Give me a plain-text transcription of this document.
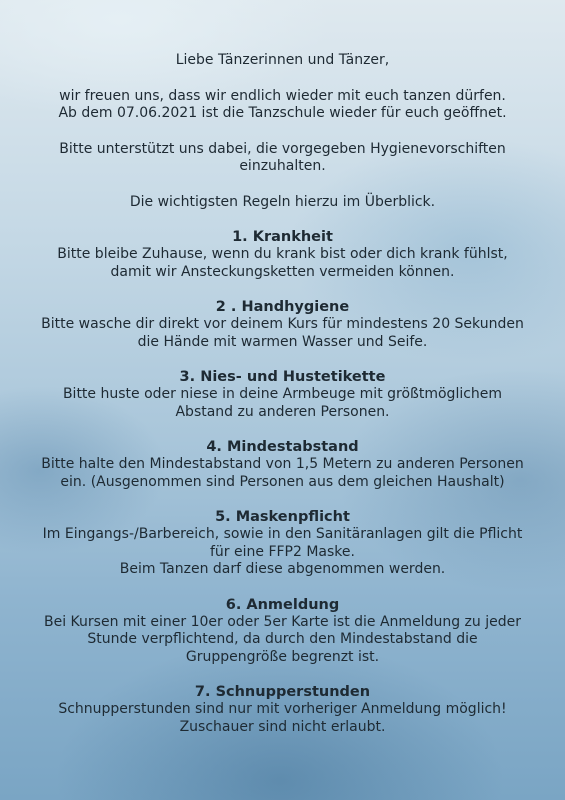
Liebe Tänzerinnen und Tänzer,
wir freuen uns, dass wir endlich wieder mit euch tanzen dürfen.
Ab dem 07.06.2021 ist die Tanzschule wieder für euch geöffnet.
Bitte unterstützt uns dabei, die vorgegeben Hygienevorschiften
einzuhalten.
Die wichtigsten Regeln hierzu im Überblick.
1. Krankheit
Bitte bleibe Zuhause, wenn du krank bist oder dich krank fühlst,
damit wir Ansteckungsketten vermeiden können.
2 . Handhygiene
Bitte wasche dir direkt vor deinem Kurs für mindestens 20 Sekunden
die Hände mit warmen Wasser und Seife.
3. Nies- und Hustetikette
Bitte huste oder niese in deine Armbeuge mit größtmöglichem
Abstand zu anderen Personen.
4. Mindestabstand
Bitte halte den Mindestabstand von 1,5 Metern zu anderen Personen
ein. (Ausgenommen sind Personen aus dem gleichen Haushalt)
5. Maskenpflicht
Im Eingangs-/Barbereich, sowie in den Sanitäranlagen gilt die Pflicht
für eine FFP2 Maske.
Beim Tanzen darf diese abgenommen werden.
6. Anmeldung
Bei Kursen mit einer 10er oder 5er Karte ist die Anmeldung zu jeder
Stunde verpflichtend, da durch den Mindestabstand die
Gruppengröße begrenzt ist.
7. Schnupperstunden
Schnupperstunden sind nur mit vorheriger Anmeldung möglich!
Zuschauer sind nicht erlaubt.
